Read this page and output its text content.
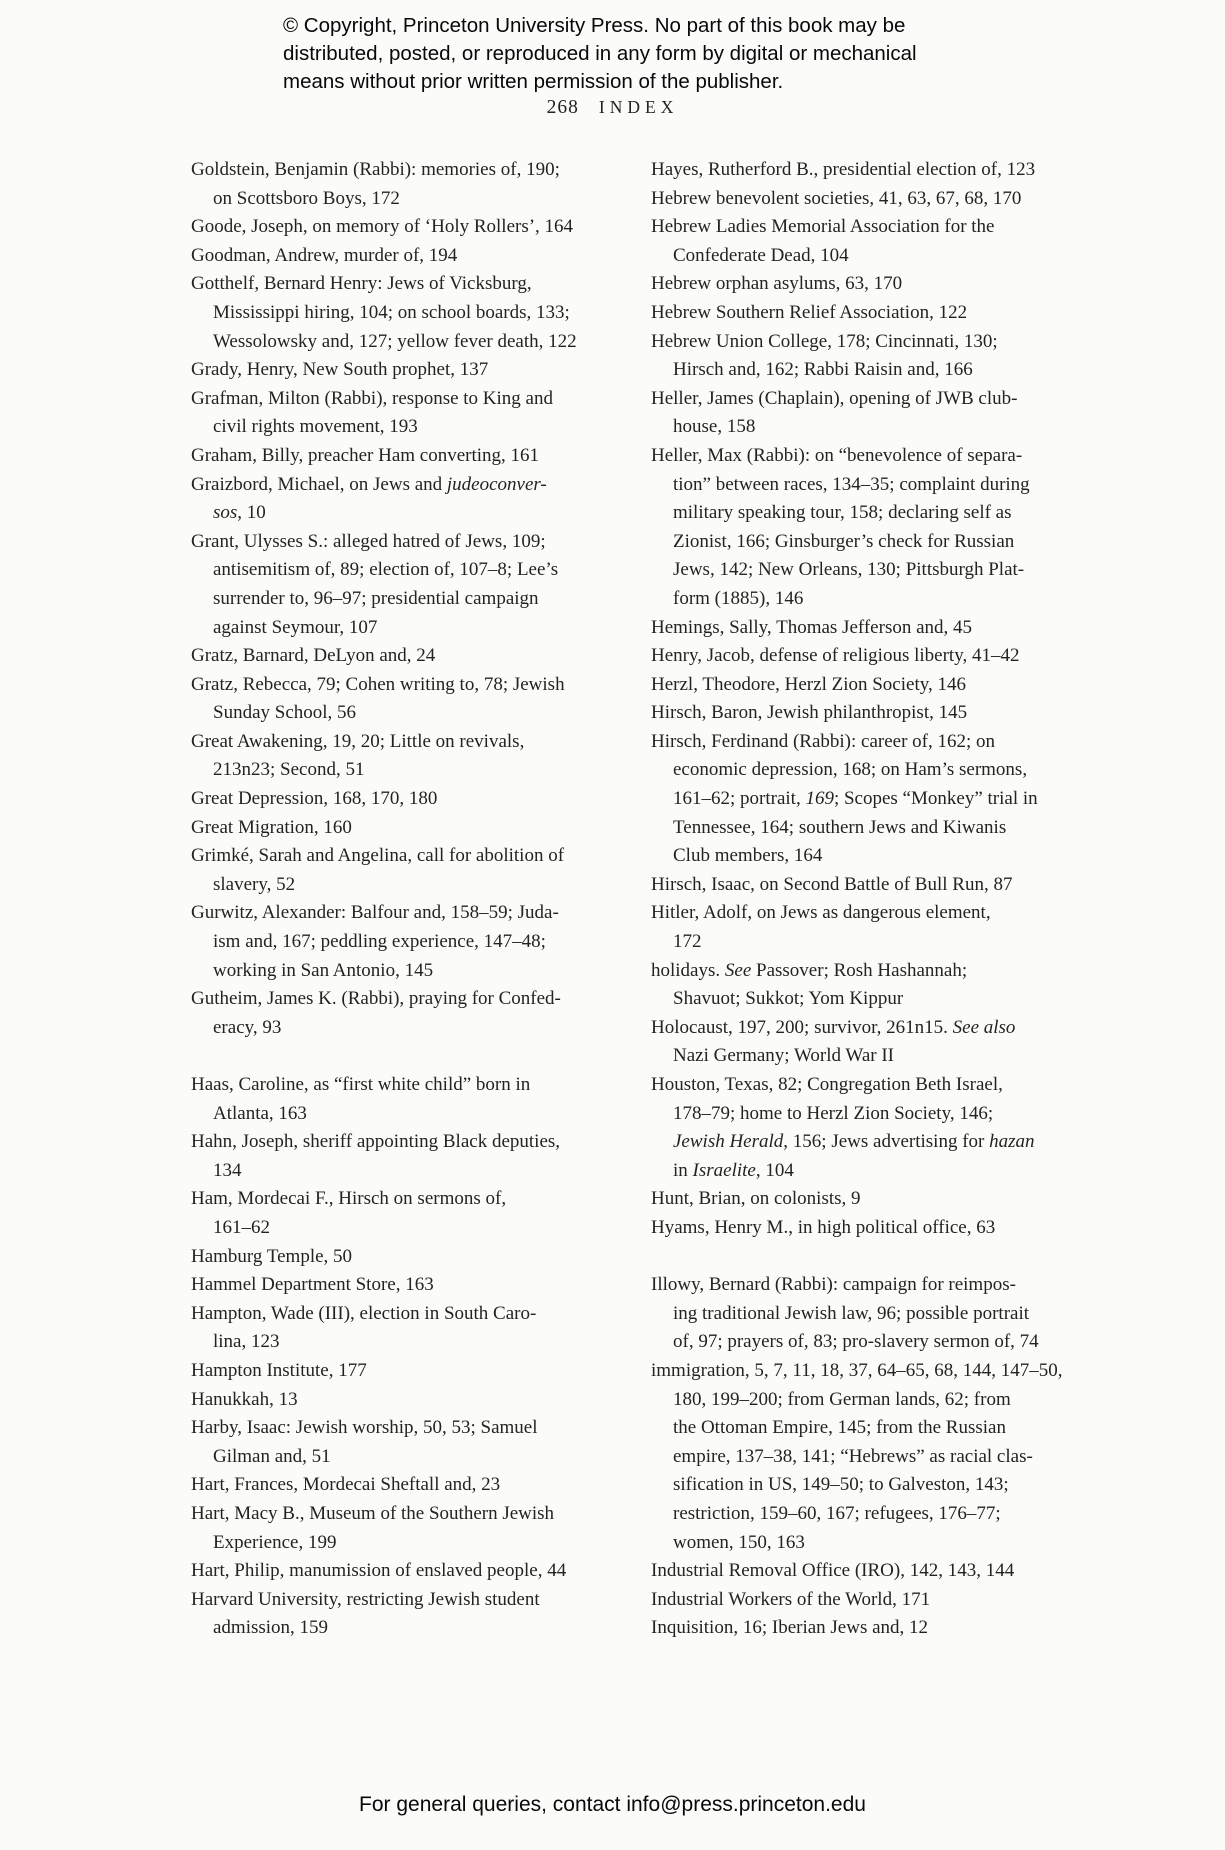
© Copyright, Princeton University Press. No part of this book may be
distributed, posted, or reproduced in any form by digital or mechanical
means without prior written permission of the publisher.
268 INDEX
Goldstein, Benjamin (Rabbi): memories of, 190;
on Scottsboro Boys, 172
Goode, Joseph, on memory of ‘Holy Rollers’, 164
Goodman, Andrew, murder of, 194
Gotthelf, Bernard Henry: Jews of Vicksburg,
Mississippi hiring, 104; on school boards, 133;
Wessolowsky and, 127; yellow fever death, 122
Grady, Henry, New South prophet, 137
Grafman, Milton (Rabbi), response to King and
civil rights movement, 193
Graham, Billy, preacher Ham converting, 161
Graizbord, Michael, on Jews and judeoconver-
sos, 10
Grant, Ulysses S.: alleged hatred of Jews, 109;
antisemitism of, 89; election of, 107–8; Lee’s
surrender to, 96–97; presidential campaign
against Seymour, 107
Gratz, Barnard, DeLyon and, 24
Gratz, Rebecca, 79; Cohen writing to, 78; Jewish
Sunday School, 56
Great Awakening, 19, 20; Little on revivals,
213n23; Second, 51
Great Depression, 168, 170, 180
Great Migration, 160
Grimké, Sarah and Angelina, call for abolition of
slavery, 52
Gurwitz, Alexander: Balfour and, 158–59; Juda-
ism and, 167; peddling experience, 147–48;
working in San Antonio, 145
Gutheim, James K. (Rabbi), praying for Confed-
eracy, 93
Haas, Caroline, as “first white child” born in
Atlanta, 163
Hahn, Joseph, sheriff appointing Black deputies,
134
Ham, Mordecai F., Hirsch on sermons of,
161–62
Hamburg Temple, 50
Hammel Department Store, 163
Hampton, Wade (III), election in South Caro-
lina, 123
Hampton Institute, 177
Hanukkah, 13
Harby, Isaac: Jewish worship, 50, 53; Samuel
Gilman and, 51
Hart, Frances, Mordecai Sheftall and, 23
Hart, Macy B., Museum of the Southern Jewish
Experience, 199
Hart, Philip, manumission of enslaved people, 44
Harvard University, restricting Jewish student
admission, 159
Hayes, Rutherford B., presidential election of, 123
Hebrew benevolent societies, 41, 63, 67, 68, 170
Hebrew Ladies Memorial Association for the
Confederate Dead, 104
Hebrew orphan asylums, 63, 170
Hebrew Southern Relief Association, 122
Hebrew Union College, 178; Cincinnati, 130;
Hirsch and, 162; Rabbi Raisin and, 166
Heller, James (Chaplain), opening of JWB club-
house, 158
Heller, Max (Rabbi): on “benevolence of separa-
tion” between races, 134–35; complaint during
military speaking tour, 158; declaring self as
Zionist, 166; Ginsburger’s check for Russian
Jews, 142; New Orleans, 130; Pittsburgh Plat-
form (1885), 146
Hemings, Sally, Thomas Jefferson and, 45
Henry, Jacob, defense of religious liberty, 41–42
Herzl, Theodore, Herzl Zion Society, 146
Hirsch, Baron, Jewish philanthropist, 145
Hirsch, Ferdinand (Rabbi): career of, 162; on
economic depression, 168; on Ham’s sermons,
161–62; portrait, 169; Scopes “Monkey” trial in
Tennessee, 164; southern Jews and Kiwanis
Club members, 164
Hirsch, Isaac, on Second Battle of Bull Run, 87
Hitler, Adolf, on Jews as dangerous element,
172
holidays. See Passover; Rosh Hashannah;
Shavuot; Sukkot; Yom Kippur
Holocaust, 197, 200; survivor, 261n15. See also
Nazi Germany; World War II
Houston, Texas, 82; Congregation Beth Israel,
178–79; home to Herzl Zion Society, 146;
Jewish Herald, 156; Jews advertising for hazan
in Israelite, 104
Hunt, Brian, on colonists, 9
Hyams, Henry M., in high political office, 63
Illowy, Bernard (Rabbi): campaign for reimpos-
ing traditional Jewish law, 96; possible portrait
of, 97; prayers of, 83; pro-slavery sermon of, 74
immigration, 5, 7, 11, 18, 37, 64–65, 68, 144, 147–50,
180, 199–200; from German lands, 62; from
the Ottoman Empire, 145; from the Russian
empire, 137–38, 141; “Hebrews” as racial clas-
sification in US, 149–50; to Galveston, 143;
restriction, 159–60, 167; refugees, 176–77;
women, 150, 163
Industrial Removal Office (IRO), 142, 143, 144
Industrial Workers of the World, 171
Inquisition, 16; Iberian Jews and, 12
For general queries, contact info@press.princeton.edu
